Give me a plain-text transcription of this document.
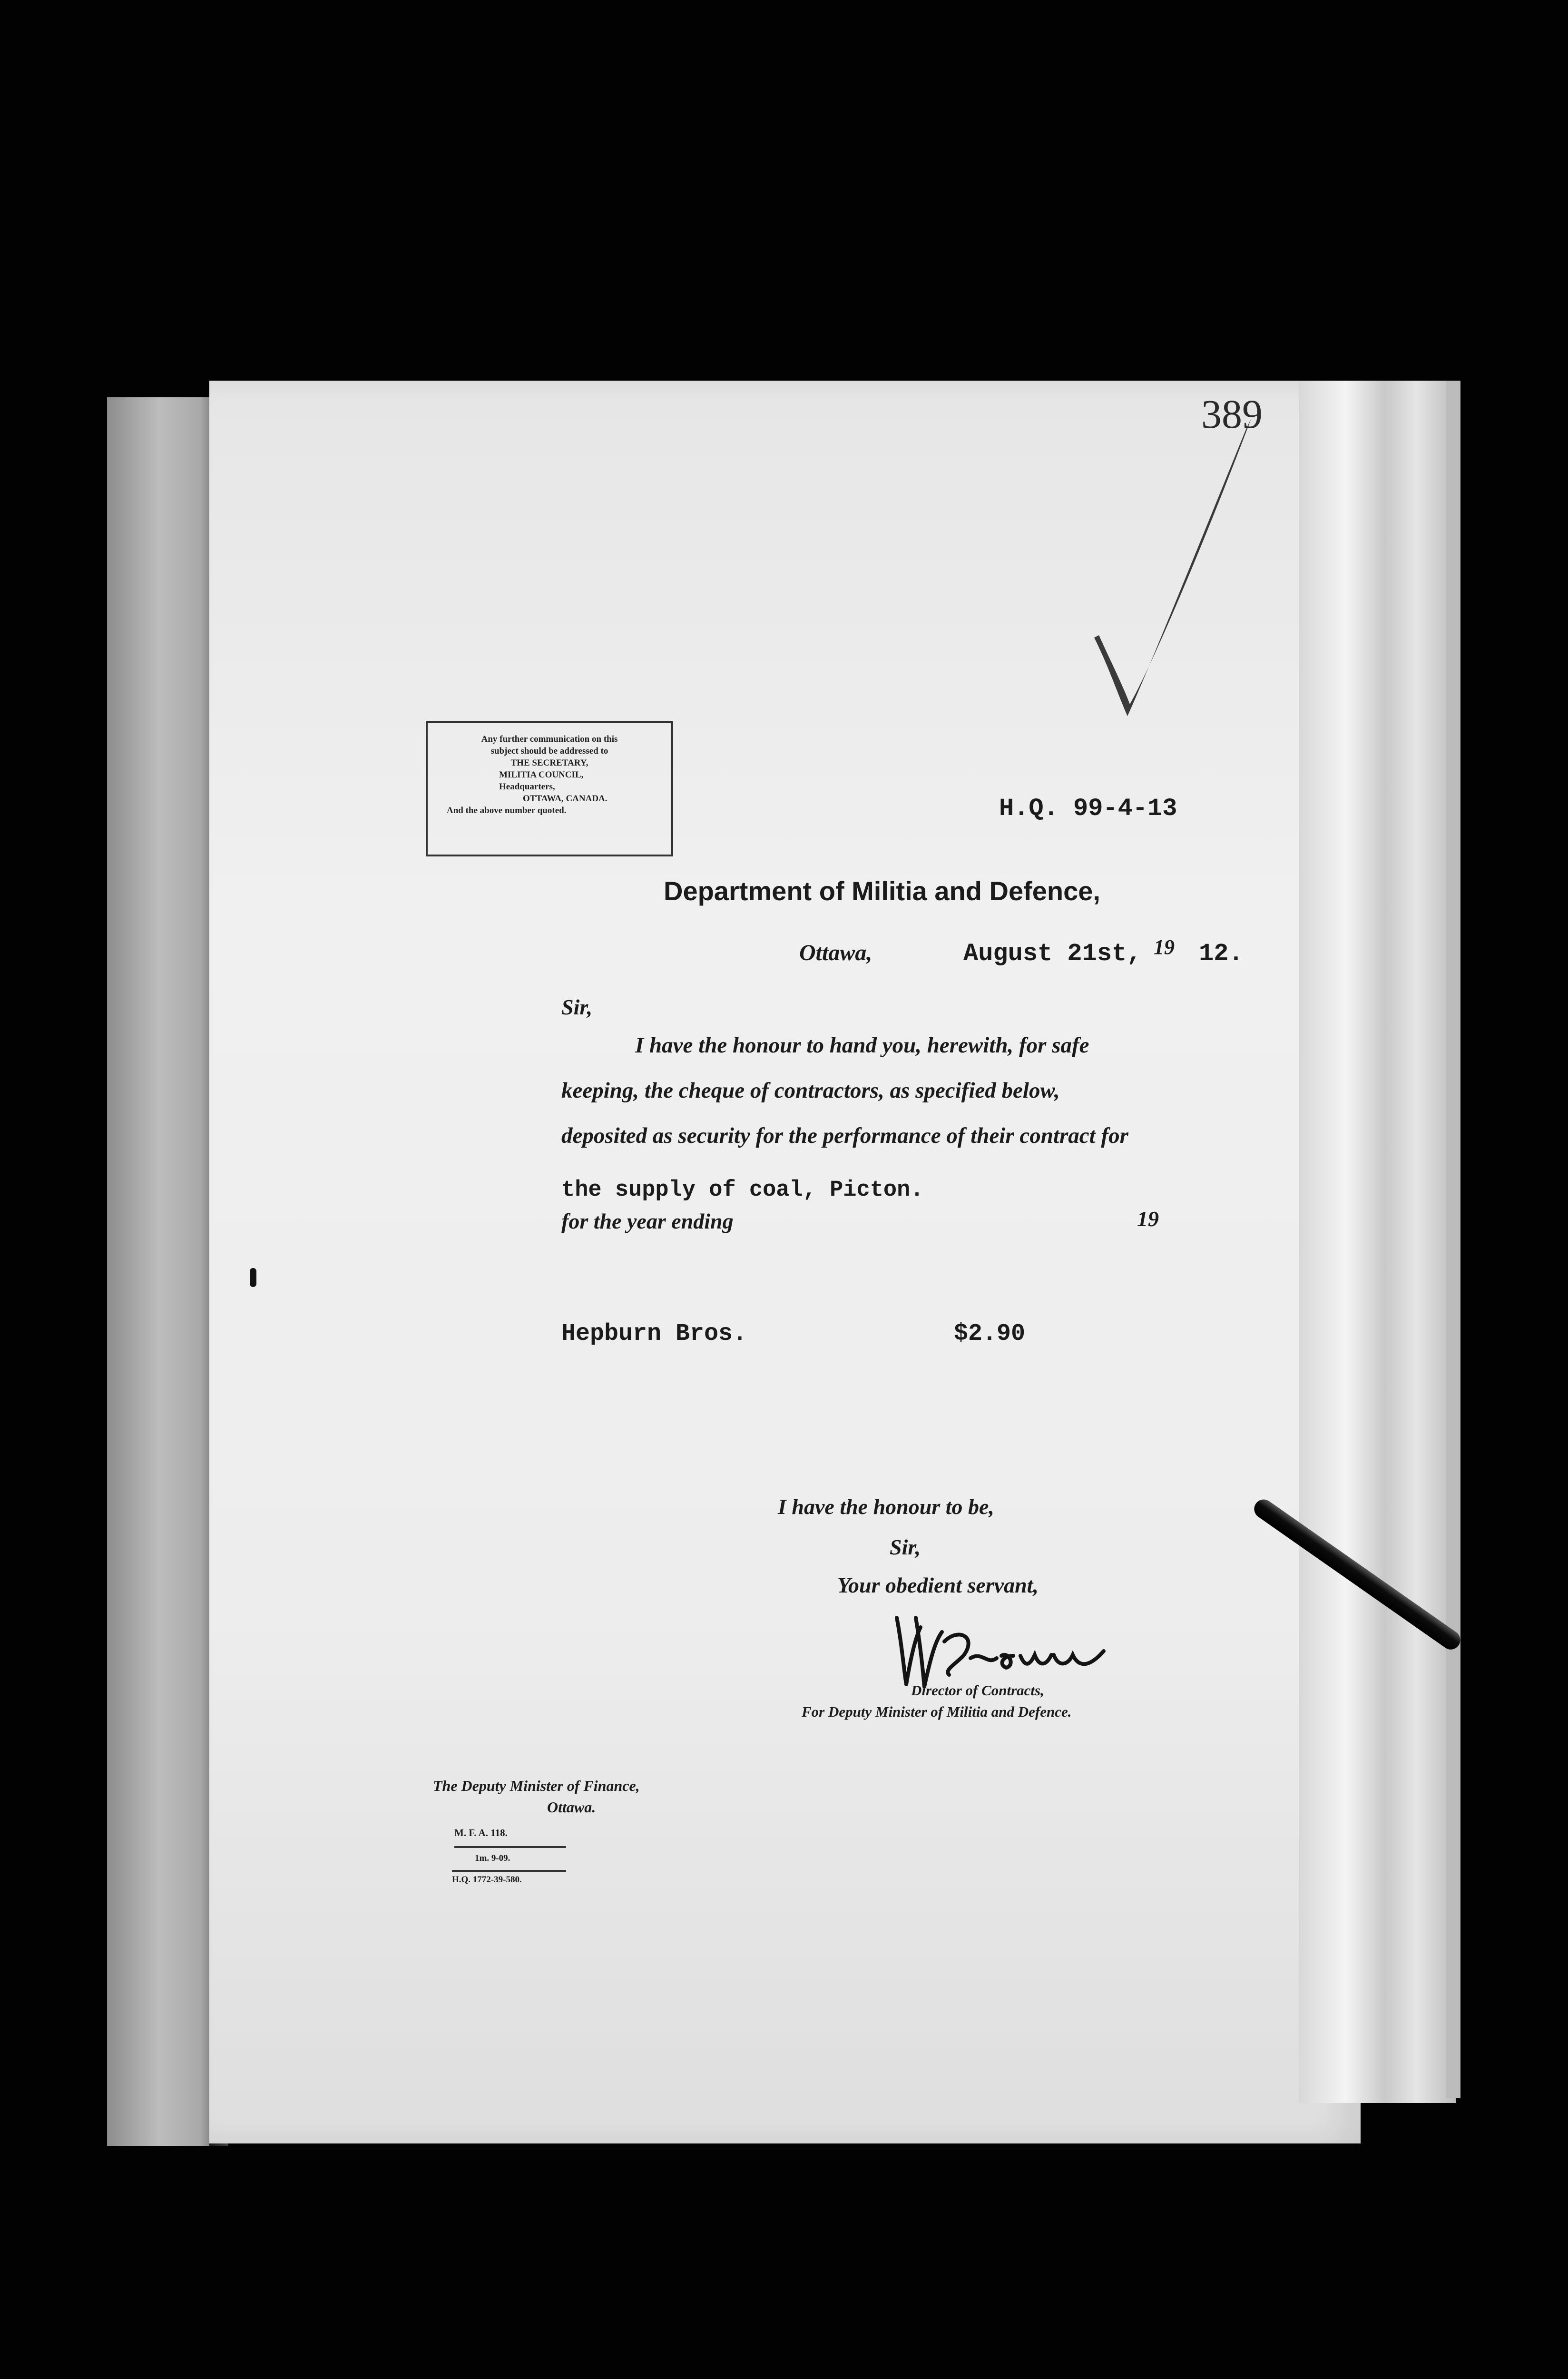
389
Any further communication on this
subject should be addressed to
THE SECRETARY,
MILITIA COUNCIL,
Headquarters,
OTTAWA, CANADA.
And the above number quoted.	H.Q. 99-4-13
Department of Militia and Defence,
Ottawa,	August 21st, 19 12.
Sir,
I have the honour to hand you, herewith, for safe
keeping, the cheque of contractors, as specified below,
deposited as security for the performance of their contract for
the supply of coal, Picton.
for the year ending	19
Hepburn Bros.	$2.90
I have the honour to be,
Sir,
Your obedient servant,
Director of Contracts,
For Deputy Minister of Militia and Defence.
The Deputy Minister of Finance,
Ottawa.
M. F. A. 118.
1m. 9-09.
H.Q. 1772-39-580.
